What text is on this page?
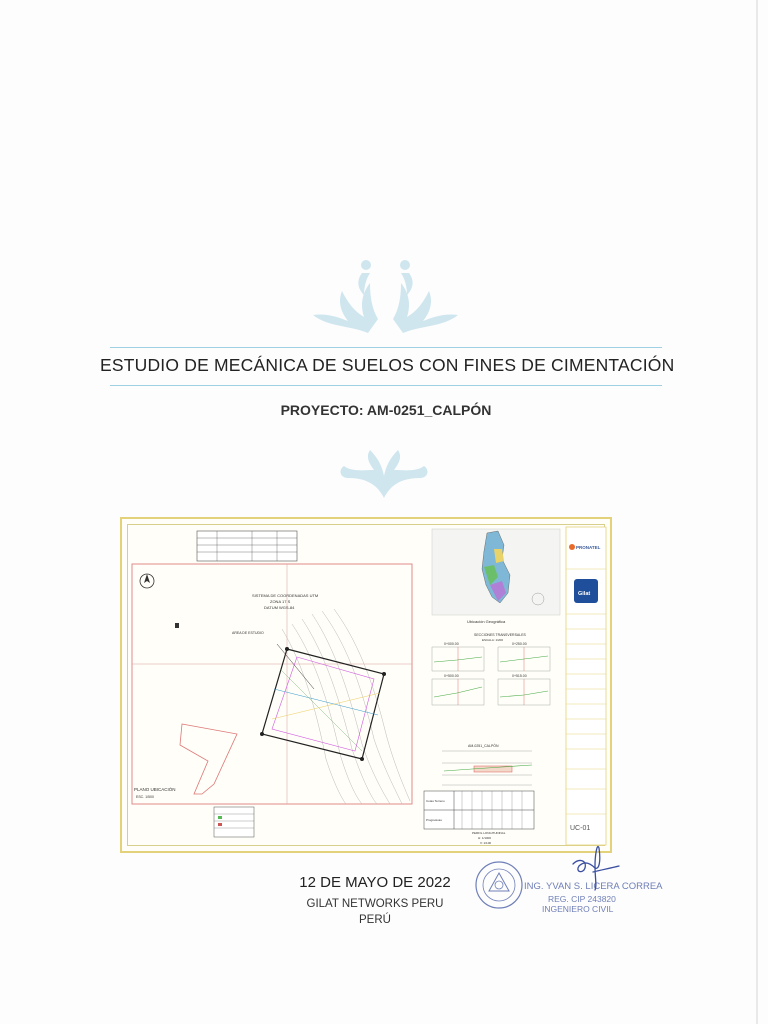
ESTUDIO DE MECÁNICA DE SUELOS CON FINES DE CIMENTACIÓN
PROYECTO: AM-0251_CALPÓN
AREA DE ESTUDIO
SISTEMA DE COORDENADAS UTM
ZONA 17 S
DATUM WGS-84
PLANO UBICACIÓN
ESC. 1/500
Ubicación Geográfica
SECCIONES TRANSVERSALES
ESCALA: 1/200
0+000.00	0+250.00
0+500.00	0+515.00
AM-0251_CALPÓN
Cotas Terreno
Progresivas
PERFIL LONGITUDINAL
H: 1/1000
V: 1/100
PRONATEL
Gilat
UC-01
12 DE MAYO DE 2022
GILAT NETWORKS PERU
PERÚ
ING. YVAN S. LICERA CORREA
REG. CIP 243820
INGENIERO CIVIL
